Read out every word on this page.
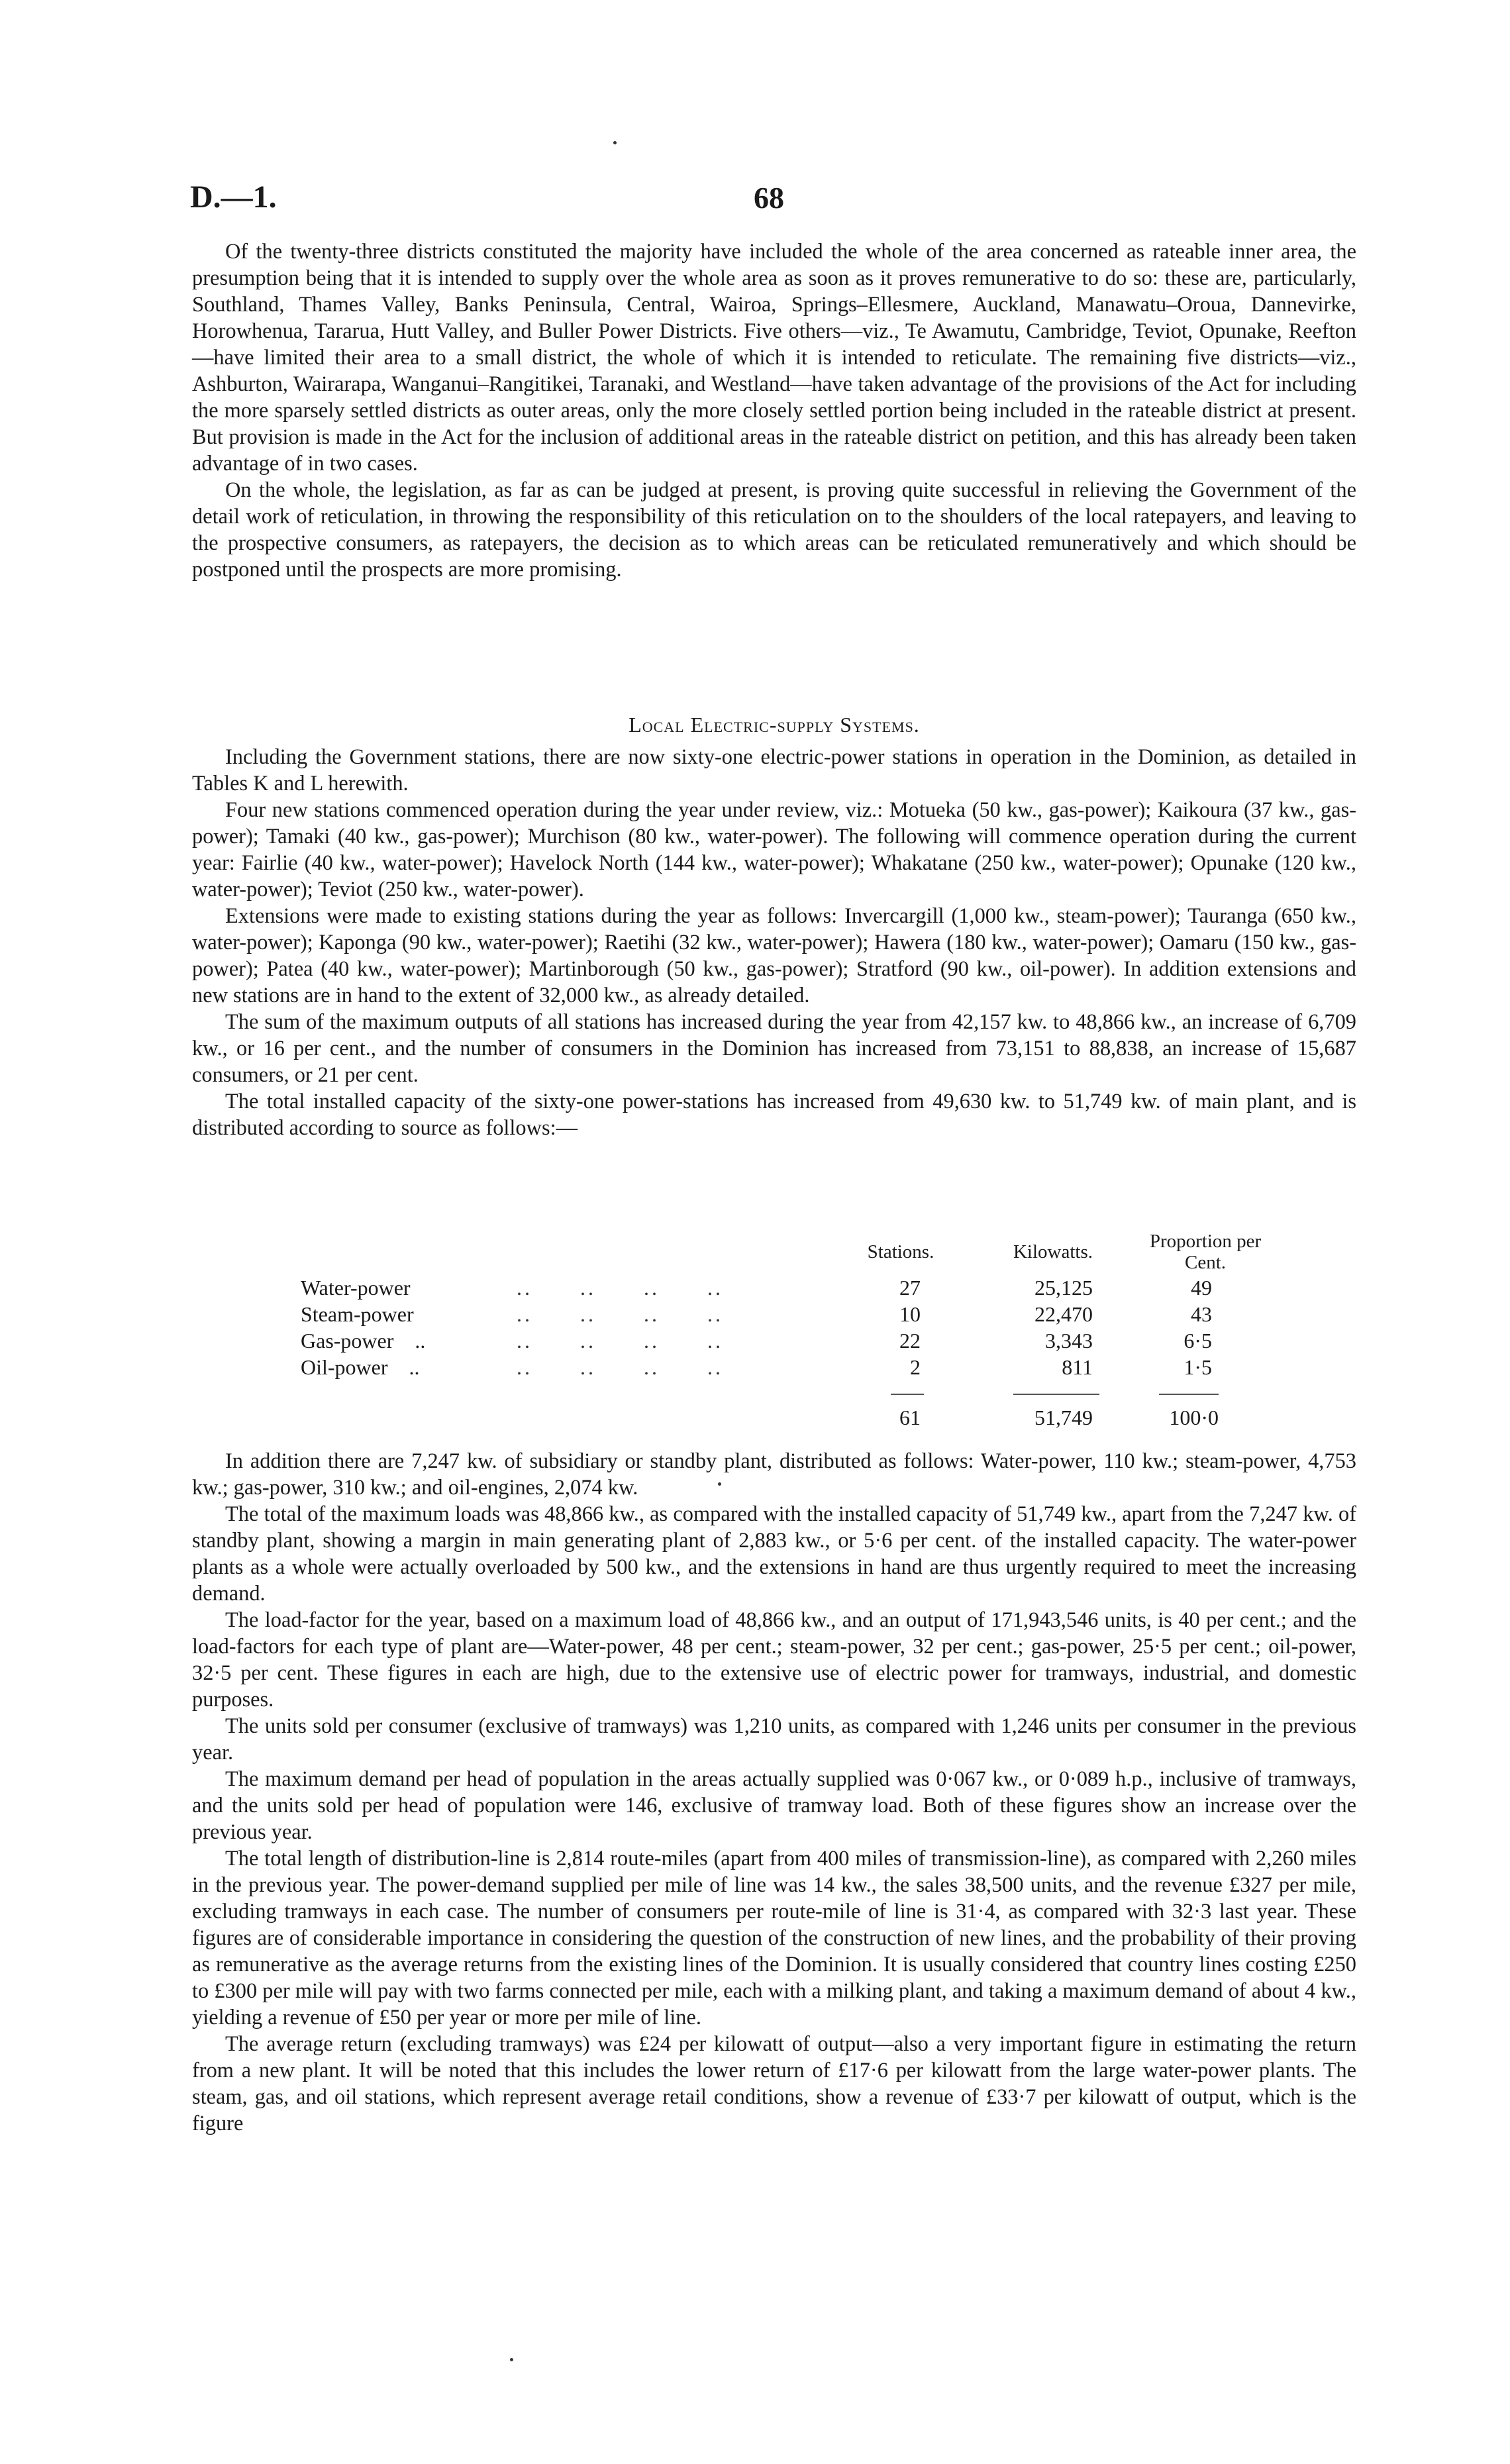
D.—1.	68

Of the twenty-three districts constituted the majority have included the whole of the area concerned as rateable inner area, the presumption being that it is intended to supply over the whole area as soon as it proves remunerative to do so: these are, particularly, Southland, Thames Valley, Banks Peninsula, Central, Wairoa, Springs–Ellesmere, Auckland, Manawatu–Oroua, Dannevirke, Horowhenua, Tararua, Hutt Valley, and Buller Power Districts. Five others—viz., Te Awamutu, Cambridge, Teviot, Opunake, Reefton—have limited their area to a small district, the whole of which it is intended to reticulate. The remaining five districts—viz., Ashburton, Wairarapa, Wanganui–Rangitikei, Taranaki, and Westland—have taken advantage of the provisions of the Act for including the more sparsely settled districts as outer areas, only the more closely settled portion being included in the rateable district at present. But provision is made in the Act for the inclusion of additional areas in the rateable district on petition, and this has already been taken advantage of in two cases.

On the whole, the legislation, as far as can be judged at present, is proving quite successful in relieving the Government of the detail work of reticulation, in throwing the responsibility of this reticulation on to the shoulders of the local ratepayers, and leaving to the prospective consumers, as ratepayers, the decision as to which areas can be reticulated remuneratively and which should be postponed until the prospects are more promising.

Local Electric-supply Systems.

Including the Government stations, there are now sixty-one electric-power stations in operation in the Dominion, as detailed in Tables K and L herewith.

Four new stations commenced operation during the year under review, viz.: Motueka (50 kw., gas-power); Kaikoura (37 kw., gas-power); Tamaki (40 kw., gas-power); Murchison (80 kw., water-power). The following will commence operation during the current year: Fairlie (40 kw., water-power); Havelock North (144 kw., water-power); Whakatane (250 kw., water-power); Opunake (120 kw., water-power); Teviot (250 kw., water-power).

Extensions were made to existing stations during the year as follows: Invercargill (1,000 kw., steam-power); Tauranga (650 kw., water-power); Kaponga (90 kw., water-power); Raetihi (32 kw., water-power); Hawera (180 kw., water-power); Oamaru (150 kw., gas-power); Patea (40 kw., water-power); Martinborough (50 kw., gas-power); Stratford (90 kw., oil-power). In addition extensions and new stations are in hand to the extent of 32,000 kw., as already detailed.

The sum of the maximum outputs of all stations has increased during the year from 42,157 kw. to 48,866 kw., an increase of 6,709 kw., or 16 per cent., and the number of consumers in the Dominion has increased from 73,151 to 88,838, an increase of 15,687 consumers, or 21 per cent.

The total installed capacity of the sixty-one power-stations has increased from 49,630 kw. to 51,749 kw. of main plant, and is distributed according to source as follows:—

Stations.	Kilowatts.	Proportion per Cent.
Water-power	..  ..  ..  ..	27	25,125	49
Steam-power	..  ..  ..  ..	10	22,470	43
Gas-power ..	..  ..  ..  ..	22	3,343	6·5
Oil-power ..	..  ..  ..  ..	2	811	1·5
61	51,749	100·0

In addition there are 7,247 kw. of subsidiary or standby plant, distributed as follows: Water-power, 110 kw.; steam-power, 4,753 kw.; gas-power, 310 kw.; and oil-engines, 2,074 kw.

The total of the maximum loads was 48,866 kw., as compared with the installed capacity of 51,749 kw., apart from the 7,247 kw. of standby plant, showing a margin in main generating plant of 2,883 kw., or 5·6 per cent. of the installed capacity. The water-power plants as a whole were actually overloaded by 500 kw., and the extensions in hand are thus urgently required to meet the increasing demand.

The load-factor for the year, based on a maximum load of 48,866 kw., and an output of 171,943,546 units, is 40 per cent.; and the load-factors for each type of plant are—Water-power, 48 per cent.; steam-power, 32 per cent.; gas-power, 25·5 per cent.; oil-power, 32·5 per cent. These figures in each are high, due to the extensive use of electric power for tramways, industrial, and domestic purposes.

The units sold per consumer (exclusive of tramways) was 1,210 units, as compared with 1,246 units per consumer in the previous year.

The maximum demand per head of population in the areas actually supplied was 0·067 kw., or 0·089 h.p., inclusive of tramways, and the units sold per head of population were 146, exclusive of tramway load. Both of these figures show an increase over the previous year.

The total length of distribution-line is 2,814 route-miles (apart from 400 miles of transmission-line), as compared with 2,260 miles in the previous year. The power-demand supplied per mile of line was 14 kw., the sales 38,500 units, and the revenue £327 per mile, excluding tramways in each case. The number of consumers per route-mile of line is 31·4, as compared with 32·3 last year. These figures are of considerable importance in considering the question of the construction of new lines, and the probability of their proving as remunerative as the average returns from the existing lines of the Dominion. It is usually considered that country lines costing £250 to £300 per mile will pay with two farms connected per mile, each with a milking plant, and taking a maximum demand of about 4 kw., yielding a revenue of £50 per year or more per mile of line.

The average return (excluding tramways) was £24 per kilowatt of output—also a very important figure in estimating the return from a new plant. It will be noted that this includes the lower return of £17·6 per kilowatt from the large water-power plants. The steam, gas, and oil stations, which represent average retail conditions, show a revenue of £33·7 per kilowatt of output, which is the figure
